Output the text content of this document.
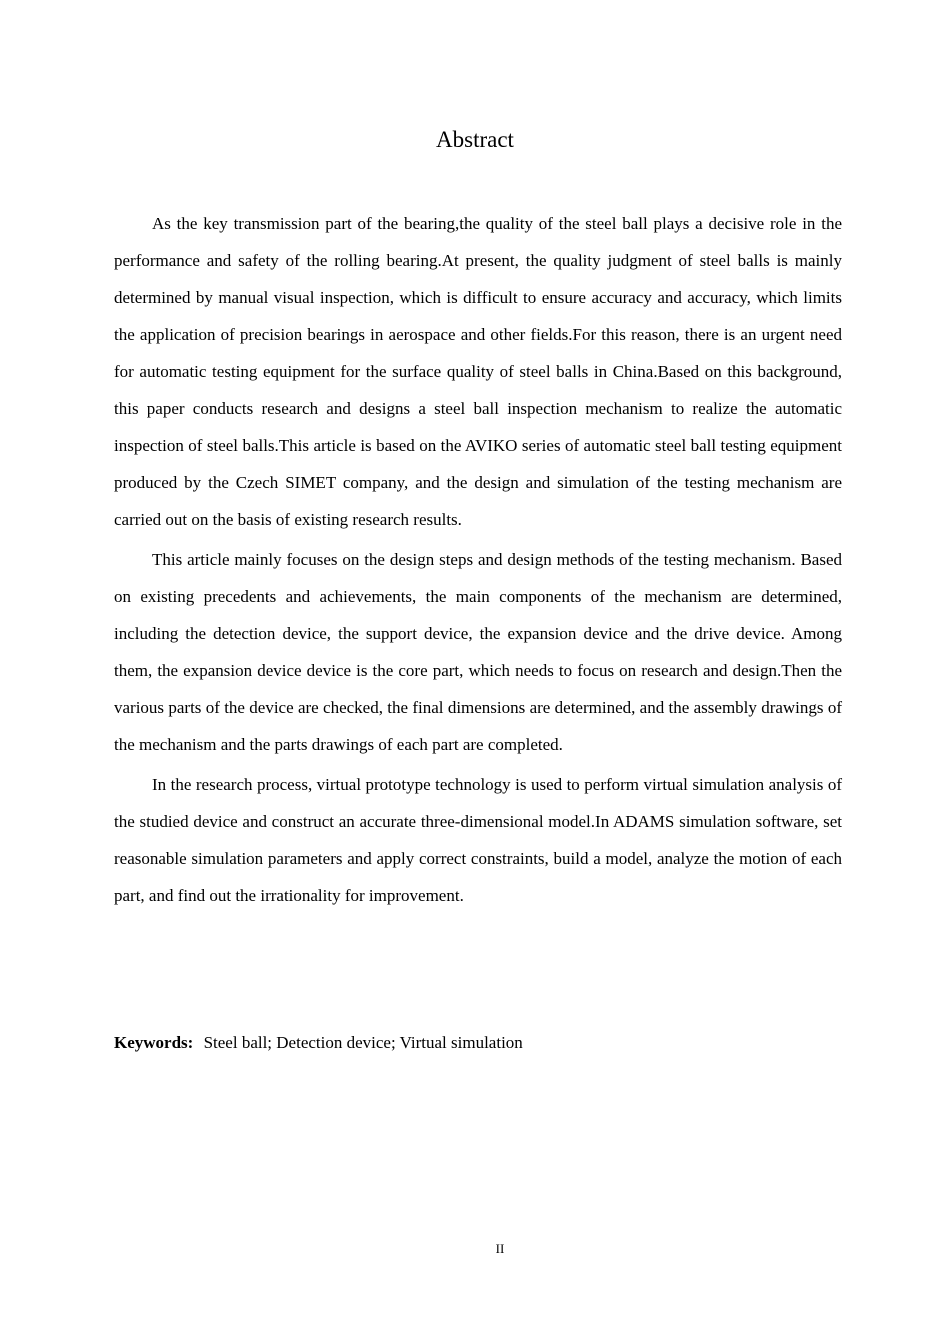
Abstract

As the key transmission part of the bearing,the quality of the steel ball plays a decisive role in the performance and safety of the rolling bearing.At present, the quality judgment of steel balls is mainly determined by manual visual inspection, which is difficult to ensure accuracy and accuracy, which limits the application of precision bearings in aerospace and other fields.For this reason, there is an urgent need for automatic testing equipment for the surface quality of steel balls in China.Based on this background, this paper conducts research and designs a steel ball inspection mechanism to realize the automatic inspection of steel balls.This article is based on the AVIKO series of automatic steel ball testing equipment produced by the Czech SIMET company, and the design and simulation of the testing mechanism are carried out on the basis of existing research results.

This article mainly focuses on the design steps and design methods of the testing mechanism. Based on existing precedents and achievements, the main components of the mechanism are determined, including the detection device, the support device, the expansion device and the drive device. Among them, the expansion device device is the core part, which needs to focus on research and design.Then the various parts of the device are checked, the final dimensions are determined, and the assembly drawings of the mechanism and the parts drawings of each part are completed.

In the research process, virtual prototype technology is used to perform virtual simulation analysis of the studied device and construct an accurate three-dimensional model.In ADAMS simulation software, set reasonable simulation parameters and apply correct constraints, build a model, analyze the motion of each part, and find out the irrationality for improvement.

Keywords: Steel ball; Detection device; Virtual simulation

II
